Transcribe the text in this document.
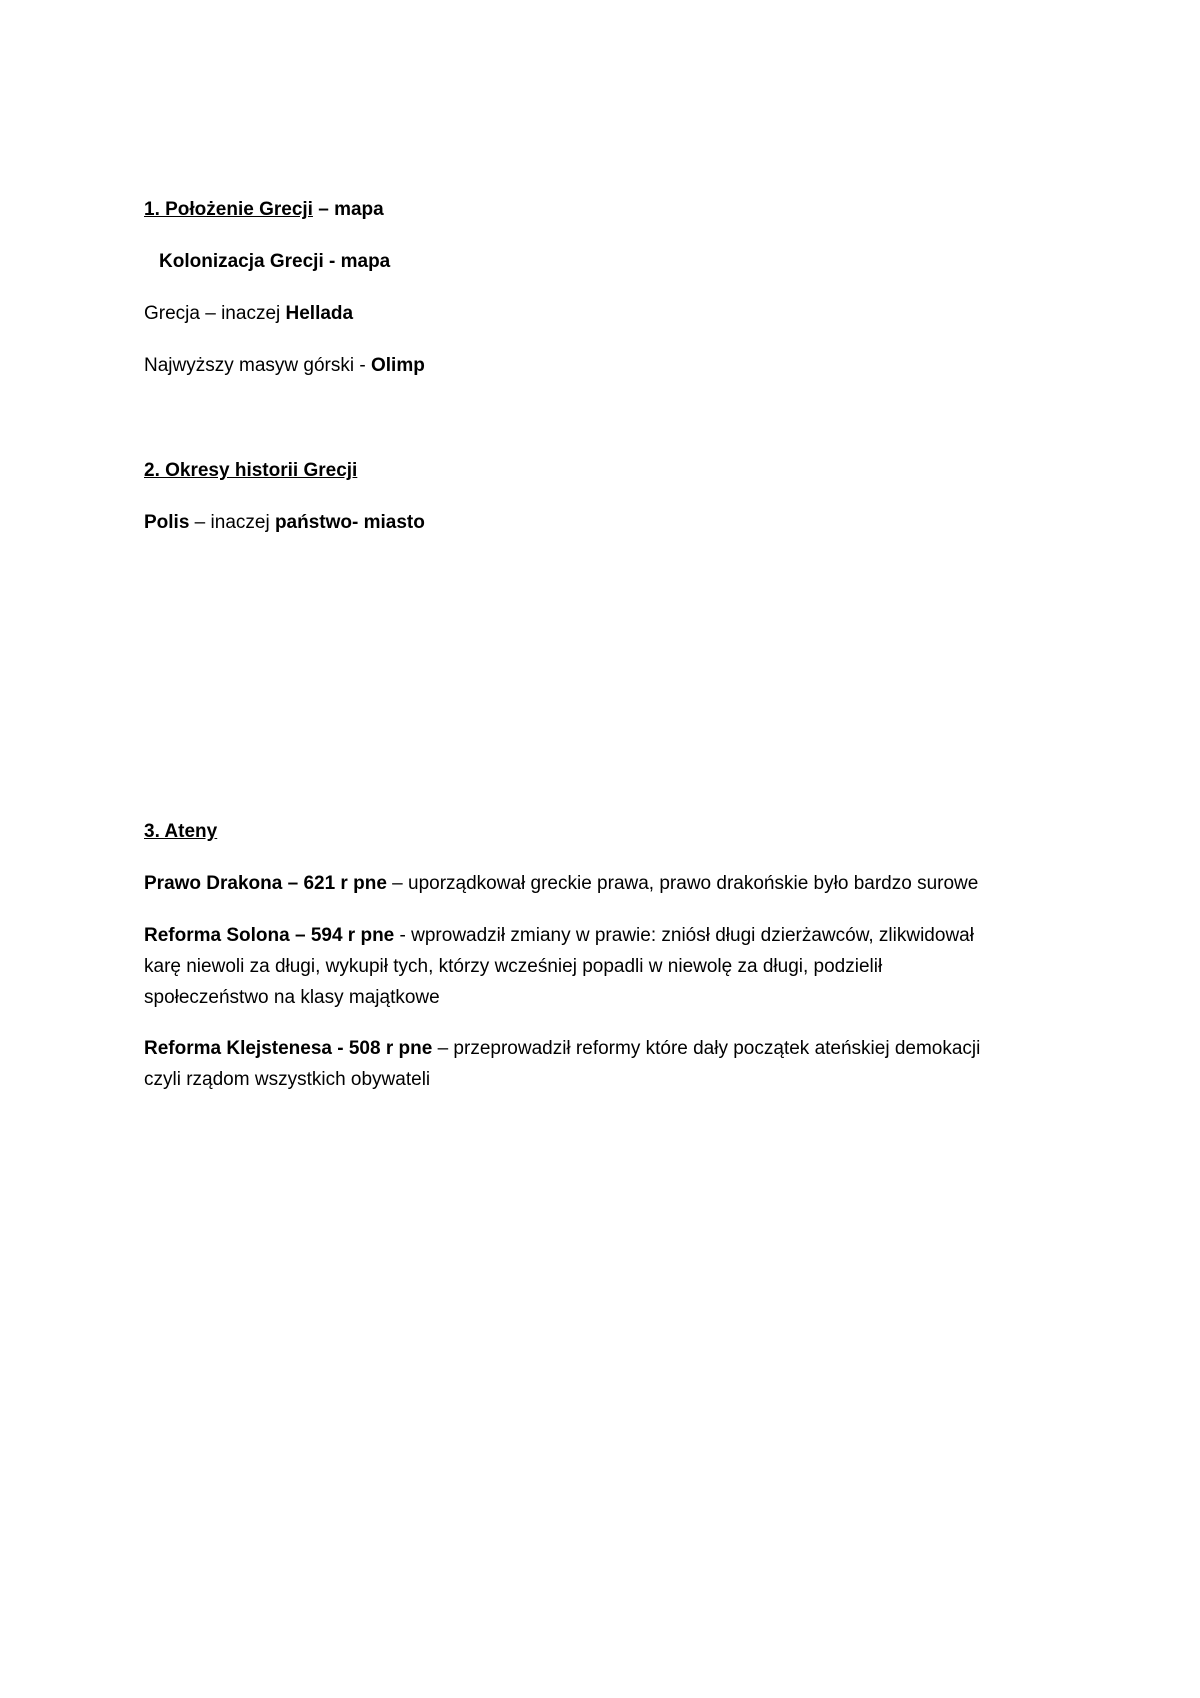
1. Położenie Grecji – mapa
Kolonizacja Grecji - mapa
Grecja – inaczej Hellada
Najwyższy masyw górski - Olimp
2. Okresy historii Grecji
Polis – inaczej państwo- miasto
3. Ateny
Prawo Drakona – 621 r pne – uporządkował greckie prawa, prawo drakońskie było bardzo surowe
Reforma Solona – 594 r pne - wprowadził zmiany w prawie: zniósł długi dzierżawców, zlikwidował
karę niewoli za długi, wykupił tych, którzy wcześniej popadli w niewolę za długi, podzielił
społeczeństwo na klasy majątkowe
Reforma Klejstenesa - 508 r pne – przeprowadził reformy które dały początek ateńskiej demokacji
czyli rządom wszystkich obywateli
